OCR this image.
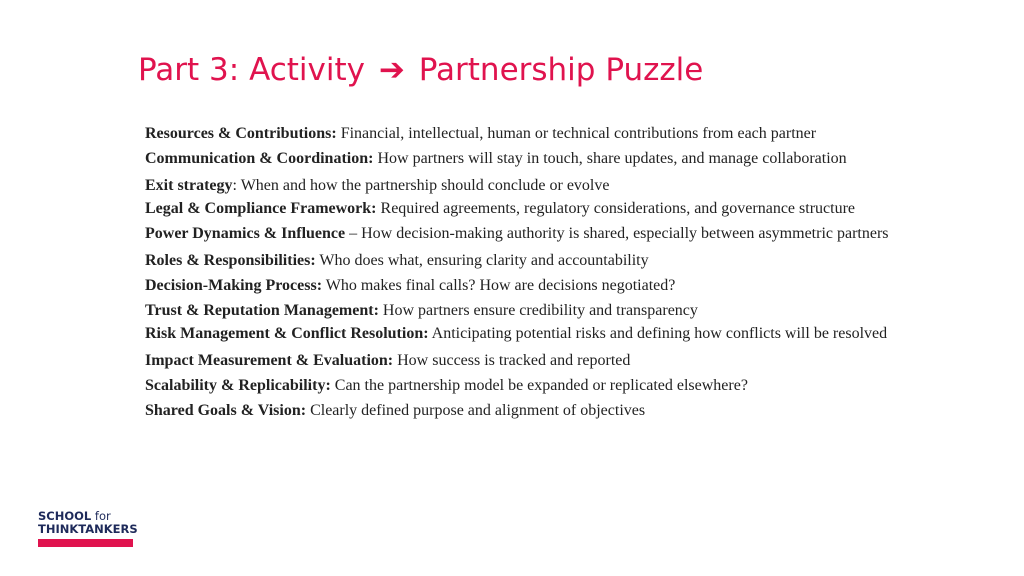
Part 3: Activity ➔ Partnership Puzzle
Resources & Contributions: Financial, intellectual, human or technical contributions from each partner
Communication & Coordination: How partners will stay in touch, share updates, and manage collaboration
Exit strategy: When and how the partnership should conclude or evolve
Legal & Compliance Framework: Required agreements, regulatory considerations, and governance structure
Power Dynamics & Influence – How decision-making authority is shared, especially between asymmetric partners
Roles & Responsibilities: Who does what, ensuring clarity and accountability
Decision-Making Process: Who makes final calls? How are decisions negotiated?
Trust & Reputation Management: How partners ensure credibility and transparency
Risk Management & Conflict Resolution: Anticipating potential risks and defining how conflicts will be resolved
Impact Measurement & Evaluation: How success is tracked and reported
Scalability & Replicability: Can the partnership model be expanded or replicated elsewhere?
Shared Goals & Vision: Clearly defined purpose and alignment of objectives
SCHOOL for
THINKTANKERS
